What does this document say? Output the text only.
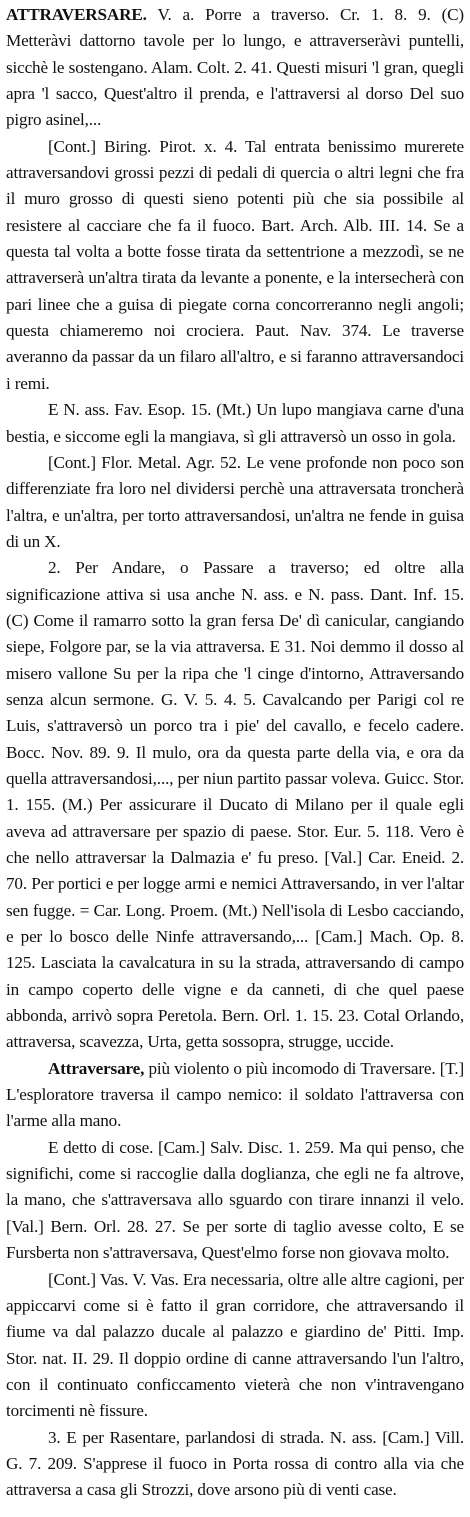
ATTRAVERSARE. V. a. Porre a traverso. Cr. 1. 8. 9. (C) Metteràvi dattorno tavole per lo lungo, e attraverseràvi puntelli, sicchè le sostengano. Alam. Colt. 2. 41. Questi misuri 'l gran, quegli apra 'l sacco, Quest'altro il prenda, e l'attraversi al dorso Del suo pigro asinel,...

[Cont.] Biring. Pirot. x. 4. Tal entrata benissimo murerete attraversandovi grossi pezzi di pedali di quercia o altri legni che fra il muro grosso di questi sieno potenti più che sia possibile al resistere al cacciare che fa il fuoco. Bart. Arch. Alb. III. 14. Se a questa tal volta a botte fosse tirata da settentrione a mezzodì, se ne attraverserà un'altra tirata da levante a ponente, e la intersecherà con pari linee che a guisa di piegate corna concorreranno negli angoli; questa chiameremo noi crociera. Paut. Nav. 374. Le traverse averanno da passar da un filaro all'altro, e si faranno attraversandoci i remi.

E N. ass. Fav. Esop. 15. (Mt.) Un lupo mangiava carne d'una bestia, e siccome egli la mangiava, sì gli attraversò un osso in gola.

[Cont.] Flor. Metal. Agr. 52. Le vene profonde non poco son differenziate fra loro nel dividersi perchè una attraversata troncherà l'altra, e un'altra, per torto attraversandosi, un'altra ne fende in guisa di un X.

2. Per Andare, o Passare a traverso; ed oltre alla significazione attiva si usa anche N. ass. e N. pass. Dant. Inf. 15. (C) Come il ramarro sotto la gran fersa De' dì canicular, cangiando siepe, Folgore par, se la via attraversa. E 31. Noi demmo il dosso al misero vallone Su per la ripa che 'l cinge d'intorno, Attraversando senza alcun sermone. G. V. 5. 4. 5. Cavalcando per Parigi col re Luis, s'attraversò un porco tra i pie' del cavallo, e fecelo cadere. Bocc. Nov. 89. 9. Il mulo, ora da questa parte della via, e ora da quella attraversandosi,..., per niun partito passar voleva. Guicc. Stor. 1. 155. (M.) Per assicurare il Ducato di Milano per il quale egli aveva ad attraversare per spazio di paese. Stor. Eur. 5. 118. Vero è che nello attraversar la Dalmazia e' fu preso. [Val.] Car. Eneid. 2. 70. Per portici e per logge armi e nemici Attraversando, in ver l'altar sen fugge. = Car. Long. Proem. (Mt.) Nell'isola di Lesbo cacciando, e per lo bosco delle Ninfe attraversando,... [Cam.] Mach. Op. 8. 125. Lasciata la cavalcatura in su la strada, attraversando di campo in campo coperto delle vigne e da canneti, di che quel paese abbonda, arrivò sopra Peretola. Bern. Orl. 1. 15. 23. Cotal Orlando, attraversa, scavezza, Urta, getta sossopra, strugge, uccide.

Attraversare, più violento o più incomodo di Traversare. [T.] L'esploratore traversa il campo nemico: il soldato l'attraversa con l'arme alla mano.

E detto di cose. [Cam.] Salv. Disc. 1. 259. Ma qui penso, che significhi, come si raccoglie dalla doglianza, che egli ne fa altrove, la mano, che s'attraversava allo sguardo con tirare innanzi il velo. [Val.] Bern. Orl. 28. 27. Se per sorte di taglio avesse colto, E se Fursberta non s'attraversava, Quest'elmo forse non giovava molto.

[Cont.] Vas. V. Vas. Era necessaria, oltre alle altre cagioni, per appiccarvi come si è fatto il gran corridore, che attraversando il fiume va dal palazzo ducale al palazzo e giardino de' Pitti. Imp. Stor. nat. II. 29. Il doppio ordine di canne attraversando l'un l'altro, con il continuato conficcamento vieterà che non v'intravengano torcimenti nè fissure.

3. E per Rasentare, parlandosi di strada. N. ass. [Cam.] Vill. G. 7. 209. S'apprese il fuoco in Porta rossa di contro alla via che attraversa a casa gli Strozzi, dove arsono più di venti case.
